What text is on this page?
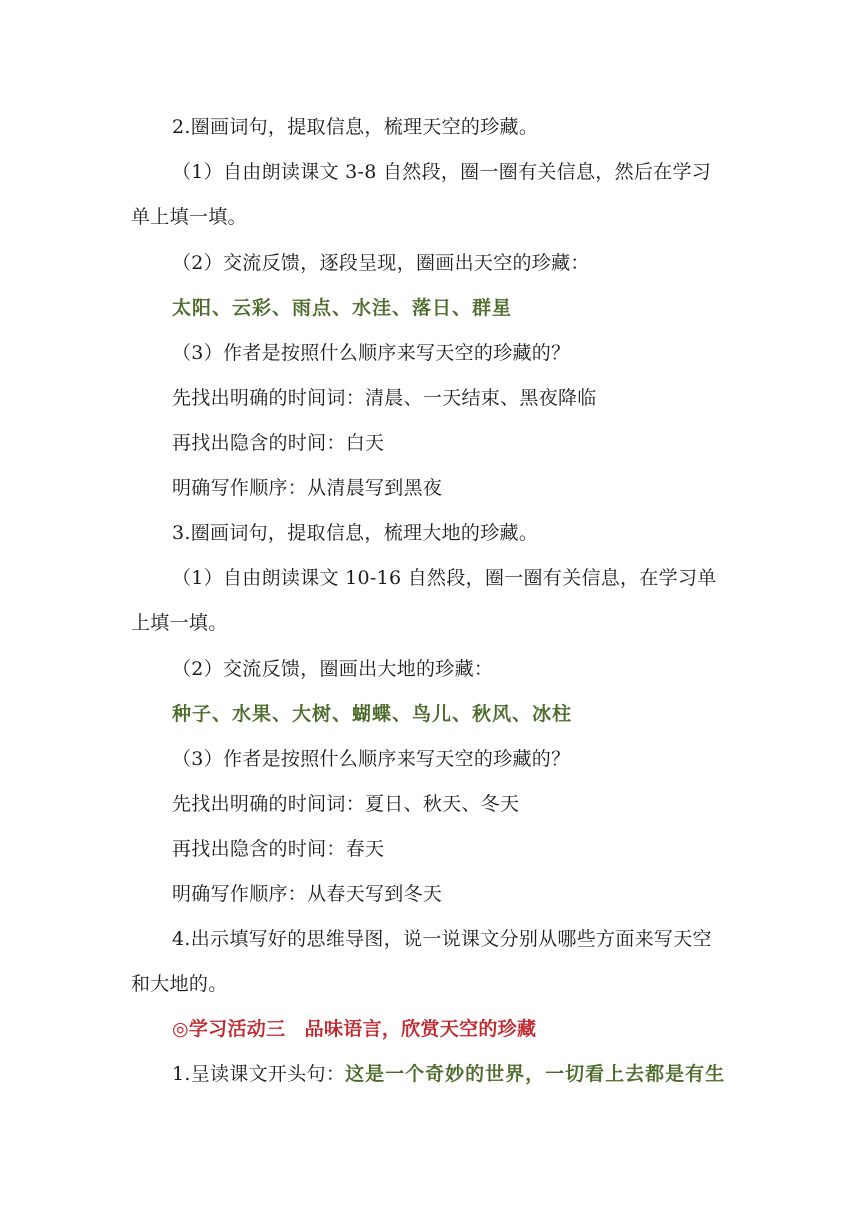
2.圈画词句，提取信息，梳理天空的珍藏。
（1）自由朗读课文 3-8 自然段，圈一圈有关信息，然后在学习
单上填一填。
（2）交流反馈，逐段呈现，圈画出天空的珍藏：
太阳、云彩、雨点、水洼、落日、群星
（3）作者是按照什么顺序来写天空的珍藏的？
先找出明确的时间词：清晨、一天结束、黑夜降临
再找出隐含的时间：白天
明确写作顺序：从清晨写到黑夜
3.圈画词句，提取信息，梳理大地的珍藏。
（1）自由朗读课文 10-16 自然段，圈一圈有关信息，在学习单
上填一填。
（2）交流反馈，圈画出大地的珍藏：
种子、水果、大树、蝴蝶、鸟儿、秋风、冰柱
（3）作者是按照什么顺序来写天空的珍藏的？
先找出明确的时间词：夏日、秋天、冬天
再找出隐含的时间：春天
明确写作顺序：从春天写到冬天
4.出示填写好的思维导图，说一说课文分别从哪些方面来写天空
和大地的。
◎学习活动三　品味语言，欣赏天空的珍藏
1.呈读课文开头句：这是一个奇妙的世界，一切看上去都是有生
